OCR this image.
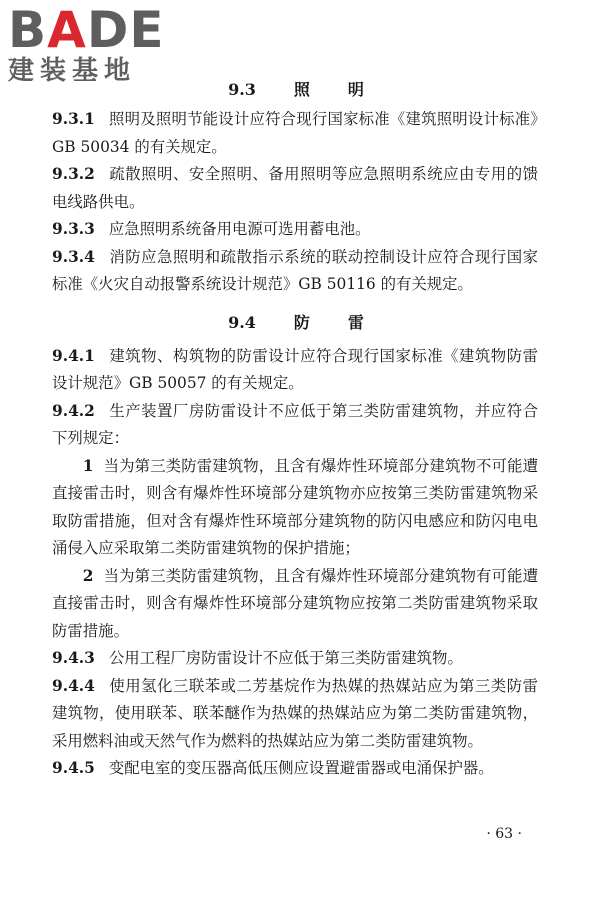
BADE
建装基地
9.3 照明

9.3.1 照明及照明节能设计应符合现行国家标准《建筑照明设计标准》GB 50034 的有关规定。

9.3.2 疏散照明、安全照明、备用照明等应急照明系统应由专用的馈电线路供电。

9.3.3 应急照明系统备用电源可选用蓄电池。

9.3.4 消防应急照明和疏散指示系统的联动控制设计应符合现行国家标准《火灾自动报警系统设计规范》GB 50116 的有关规定。

9.4 防雷

9.4.1 建筑物、构筑物的防雷设计应符合现行国家标准《建筑物防雷设计规范》GB 50057 的有关规定。

9.4.2 生产装置厂房防雷设计不应低于第三类防雷建筑物，并应符合下列规定：

1 当为第三类防雷建筑物，且含有爆炸性环境部分建筑物不可能遭直接雷击时，则含有爆炸性环境部分建筑物亦应按第三类防雷建筑物采取防雷措施，但对含有爆炸性环境部分建筑物的防闪电感应和防闪电电涌侵入应采取第二类防雷建筑物的保护措施；

2 当为第三类防雷建筑物，且含有爆炸性环境部分建筑物有可能遭直接雷击时，则含有爆炸性环境部分建筑物应按第二类防雷建筑物采取防雷措施。

9.4.3 公用工程厂房防雷设计不应低于第三类防雷建筑物。

9.4.4 使用氢化三联苯或二芳基烷作为热媒的热媒站应为第三类防雷建筑物，使用联苯、联苯醚作为热媒的热媒站应为第二类防雷建筑物，采用燃料油或天然气作为燃料的热媒站应为第二类防雷建筑物。

9.4.5 变配电室的变压器高低压侧应设置避雷器或电涌保护器。

· 63 ·
